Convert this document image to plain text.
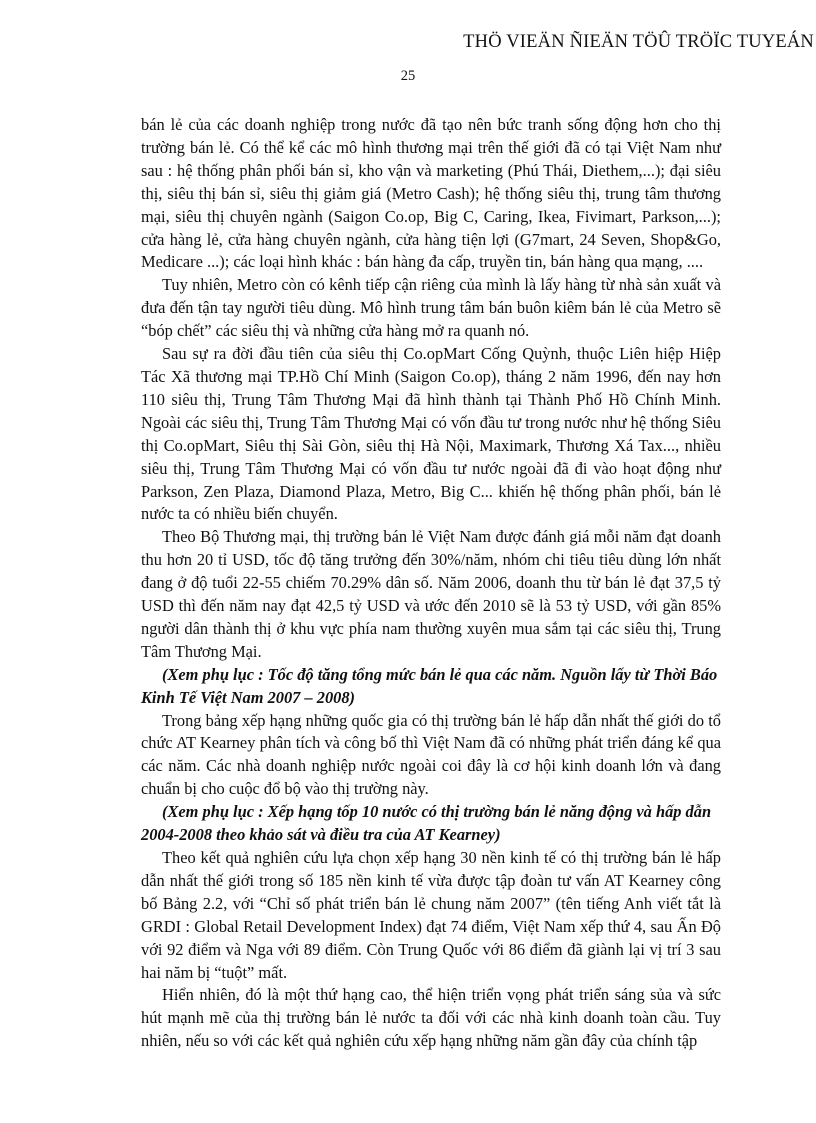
THÖ VIEÄN ÑIEÄN TÖÛ TRÖÏC TUYEÁN
25

bán lẻ của các doanh nghiệp trong nước đã tạo nên bức tranh sống động hơn cho thị trường bán lẻ. Có thể kể các mô hình thương mại trên thế giới đã có tại Việt Nam như sau : hệ thống phân phối bán sỉ, kho vận và marketing (Phú Thái, Diethem,...); đại siêu thị, siêu thị bán sỉ, siêu thị giảm giá (Metro Cash); hệ thống siêu thị, trung tâm thương mại, siêu thị chuyên ngành (Saigon Co.op, Big C, Caring, Ikea, Fivimart, Parkson,...); cửa hàng lẻ, cửa hàng chuyên ngành, cửa hàng tiện lợi (G7mart, 24 Seven, Shop&Go, Medicare ...); các loại hình khác : bán hàng đa cấp, truyền tin, bán hàng qua mạng, ....

Tuy nhiên, Metro còn có kênh tiếp cận riêng của mình là lấy hàng từ nhà sản xuất và đưa đến tận tay người tiêu dùng. Mô hình trung tâm bán buôn kiêm bán lẻ của Metro sẽ “bóp chết” các siêu thị và những cửa hàng mở ra quanh nó.

Sau sự ra đời đầu tiên của siêu thị Co.opMart Cống Quỳnh, thuộc Liên hiệp Hiệp Tác Xã thương mại TP.Hồ Chí Minh (Saigon Co.op), tháng 2 năm 1996, đến nay hơn 110 siêu thị, Trung Tâm Thương Mại đã hình thành tại Thành Phố Hồ Chính Minh. Ngoài các siêu thị, Trung Tâm Thương Mại có vốn đầu tư trong nước như hệ thống Siêu thị Co.opMart, Siêu thị Sài Gòn, siêu thị Hà Nội, Maximark, Thương Xá Tax..., nhiều siêu thị, Trung Tâm Thương Mại có vốn đầu tư nước ngoài đã đi vào hoạt động như Parkson, Zen Plaza, Diamond Plaza, Metro, Big C... khiến hệ thống phân phối, bán lẻ nước ta có nhiều biến chuyển.

Theo Bộ Thương mại, thị trường bán lẻ Việt Nam được đánh giá mỗi năm đạt doanh thu hơn 20 tỉ USD, tốc độ tăng trưởng đến 30%/năm, nhóm chi tiêu tiêu dùng lớn nhất đang ở độ tuổi 22-55 chiếm 70.29% dân số. Năm 2006, doanh thu từ bán lẻ đạt 37,5 tỷ USD thì đến năm nay đạt 42,5 tỷ USD và ước đến 2010 sẽ là 53 tỷ USD, với gần 85% người dân thành thị ở khu vực phía nam thường xuyên mua sắm tại các siêu thị, Trung Tâm Thương Mại.

(Xem phụ lục : Tốc độ tăng tổng mức bán lẻ qua các năm. Nguồn lấy từ Thời Báo Kinh Tế Việt Nam 2007 – 2008)

Trong bảng xếp hạng những quốc gia có thị trường bán lẻ hấp dẫn nhất thế giới do tổ chức AT Kearney phân tích và công bố thì Việt Nam đã có những phát triển đáng kể qua các năm. Các nhà doanh nghiệp nước ngoài coi đây là cơ hội kinh doanh lớn và đang chuẩn bị cho cuộc đổ bộ vào thị trường này.

(Xem phụ lục : Xếp hạng tốp 10 nước có thị trường bán lẻ năng động và hấp dẫn 2004-2008 theo khảo sát và điều tra của AT Kearney)

Theo kết quả nghiên cứu lựa chọn xếp hạng 30 nền kinh tế có thị trường bán lẻ hấp dẫn nhất thế giới trong số 185 nền kinh tế vừa được tập đoàn tư vấn AT Kearney công bố Bảng 2.2, với “Chỉ số phát triển bán lẻ chung năm 2007” (tên tiếng Anh viết tắt là GRDI : Global Retail Development Index) đạt 74 điểm, Việt Nam xếp thứ 4, sau Ấn Độ với 92 điểm và Nga với 89 điểm. Còn Trung Quốc với 86 điểm đã giành lại vị trí 3 sau hai năm bị “tuột” mất.

Hiển nhiên, đó là một thứ hạng cao, thể hiện triển vọng phát triển sáng sủa và sức hút mạnh mẽ của thị trường bán lẻ nước ta đối với các nhà kinh doanh toàn cầu. Tuy nhiên, nếu so với các kết quả nghiên cứu xếp hạng những năm gần đây của chính tập
